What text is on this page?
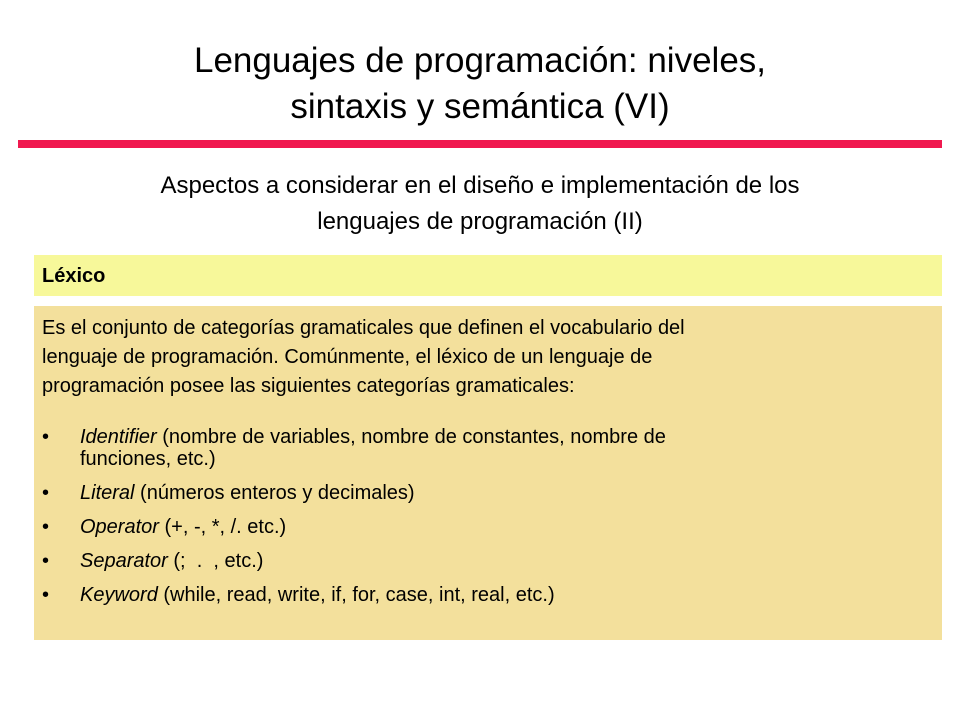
Lenguajes de programación: niveles,
sintaxis y semántica (VI)
Aspectos a considerar en el diseño e implementación de los
lenguajes de programación (II)
Léxico
Es el conjunto de categorías gramaticales que definen el vocabulario del
lenguaje de programación. Comúnmente, el léxico de un lenguaje de
programación posee las siguientes categorías gramaticales:
• Identifier (nombre de variables, nombre de constantes, nombre de
funciones, etc.)
• Literal (números enteros y decimales)
• Operator (+, -, *, /. etc.)
• Separator (;  .  , etc.)
• Keyword (while, read, write, if, for, case, int, real, etc.)
